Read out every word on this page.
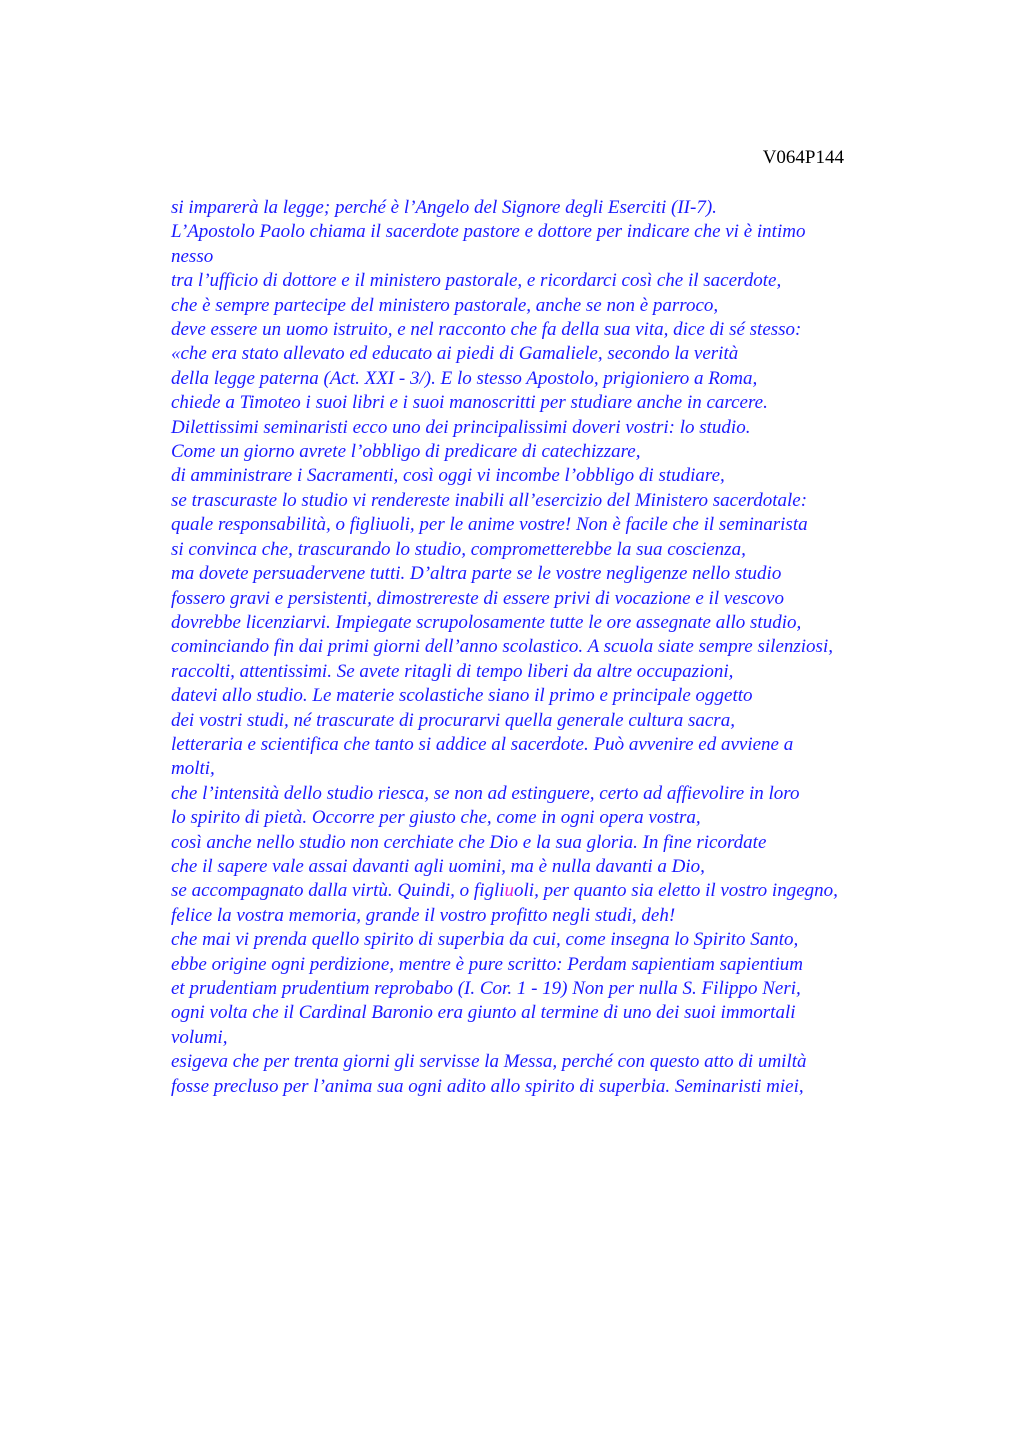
V064P144
si imparerà la legge; perché è l’Angelo del Signore degli Eserciti (II-7).
L’Apostolo Paolo chiama il sacerdote pastore e dottore per indicare che vi è intimo
nesso
tra l’ufficio di dottore e il ministero pastorale, e ricordarci così che il sacerdote,
che è sempre partecipe del ministero pastorale, anche se non è parroco,
deve essere un uomo istruito, e nel racconto che fa della sua vita, dice di sé stesso:
«che era stato allevato ed educato ai piedi di Gamaliele, secondo la verità
della legge paterna (Act. XXI - 3/). E lo stesso Apostolo, prigioniero a Roma,
chiede a Timoteo i suoi libri e i suoi manoscritti per studiare anche in carcere.
Dilettissimi seminaristi ecco uno dei principalissimi doveri vostri: lo studio.
Come un giorno avrete l’obbligo di predicare di catechizzare,
di amministrare i Sacramenti, così oggi vi incombe l’obbligo di studiare,
se trascuraste lo studio vi rendereste inabili all’esercizio del Ministero sacerdotale:
quale responsabilità, o figliuoli, per le anime vostre! Non è facile che il seminarista
si convinca che, trascurando lo studio, comprometterebbe la sua coscienza,
ma dovete persuadervene tutti. D’altra parte se le vostre negligenze nello studio
fossero gravi e persistenti, dimostrereste di essere privi di vocazione e il vescovo
dovrebbe licenziarvi. Impiegate scrupolosamente tutte le ore assegnate allo studio,
cominciando fin dai primi giorni dell’anno scolastico. A scuola siate sempre silenziosi,
raccolti, attentissimi. Se avete ritagli di tempo liberi da altre occupazioni,
datevi allo studio. Le materie scolastiche siano il primo e principale oggetto
dei vostri studi, né trascurate di procurarvi quella generale cultura sacra,
letteraria e scientifica che tanto si addice al sacerdote. Può avvenire ed avviene a
molti,
che l’intensità dello studio riesca, se non ad estinguere, certo ad affievolire in loro
lo spirito di pietà. Occorre per giusto che, come in ogni opera vostra,
così anche nello studio non cerchiate che Dio e la sua gloria. In fine ricordate
che il sapere vale assai davanti agli uomini, ma è nulla davanti a Dio,
se accompagnato dalla virtù. Quindi, o figliuoli, per quanto sia eletto il vostro ingegno,
felice la vostra memoria, grande il vostro profitto negli studi, deh!
che mai vi prenda quello spirito di superbia da cui, come insegna lo Spirito Santo,
ebbe origine ogni perdizione, mentre è pure scritto: Perdam sapientiam sapientium
et prudentiam prudentium reprobabo (I. Cor. 1 - 19) Non per nulla S. Filippo Neri,
ogni volta che il Cardinal Baronio era giunto al termine di uno dei suoi immortali
volumi,
esigeva che per trenta giorni gli servisse la Messa, perché con questo atto di umiltà
fosse precluso per l’anima sua ogni adito allo spirito di superbia. Seminaristi miei,
